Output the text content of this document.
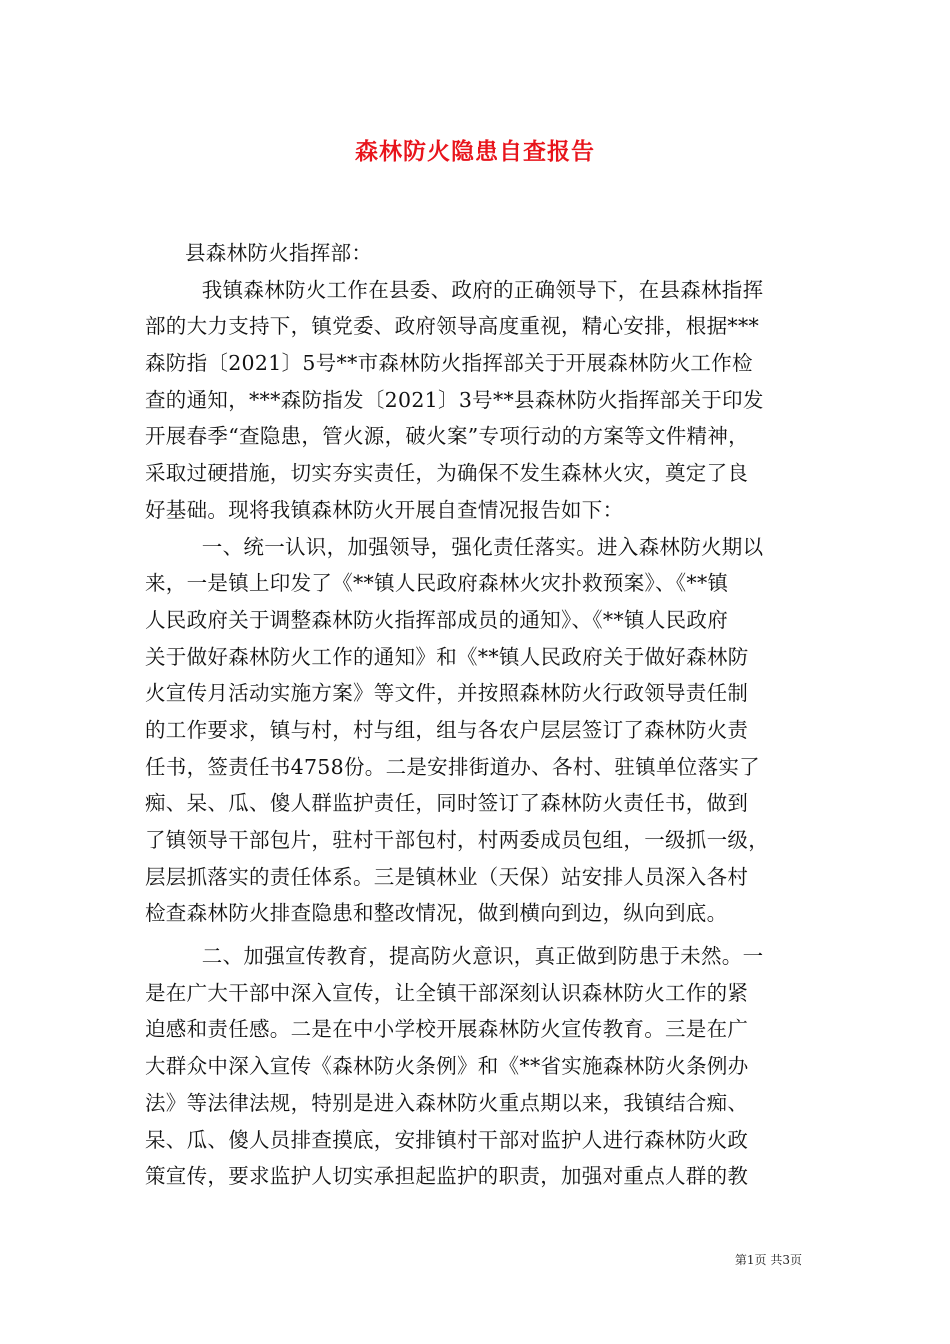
森林防火隐患自查报告
县森林防火指挥部：
　我镇森林防火工作在县委、政府的正确领导下，在县森林指挥
部的大力支持下，镇党委、政府领导高度重视，精心安排，根据***
森防指〔2021〕5号**市森林防火指挥部关于开展森林防火工作检
查的通知，***森防指发〔2021〕3号**县森林防火指挥部关于印发
开展春季“查隐患，管火源，破火案”专项行动的方案等文件精神，
采取过硬措施，切实夯实责任，为确保不发生森林火灾，奠定了良
好基础。现将我镇森林防火开展自查情况报告如下：
　一、统一认识，加强领导，强化责任落实。进入森林防火期以
来，一是镇上印发了《**镇人民政府森林火灾扑救预案》、《**镇
人民政府关于调整森林防火指挥部成员的通知》、《**镇人民政府
关于做好森林防火工作的通知》和《**镇人民政府关于做好森林防
火宣传月活动实施方案》等文件，并按照森林防火行政领导责任制
的工作要求，镇与村，村与组，组与各农户层层签订了森林防火责
任书，签责任书4758份。二是安排街道办、各村、驻镇单位落实了
痴、呆、瓜、傻人群监护责任，同时签订了森林防火责任书，做到
了镇领导干部包片，驻村干部包村，村两委成员包组，一级抓一级，
层层抓落实的责任体系。三是镇林业（天保）站安排人员深入各村
检查森林防火排查隐患和整改情况，做到横向到边，纵向到底。
　二、加强宣传教育，提高防火意识，真正做到防患于未然。一
是在广大干部中深入宣传，让全镇干部深刻认识森林防火工作的紧
迫感和责任感。二是在中小学校开展森林防火宣传教育。三是在广
大群众中深入宣传《森林防火条例》和《**省实施森林防火条例办
法》等法律法规，特别是进入森林防火重点期以来，我镇结合痴、
呆、瓜、傻人员排查摸底，安排镇村干部对监护人进行森林防火政
策宣传，要求监护人切实承担起监护的职责，加强对重点人群的教
第1页 共3页
